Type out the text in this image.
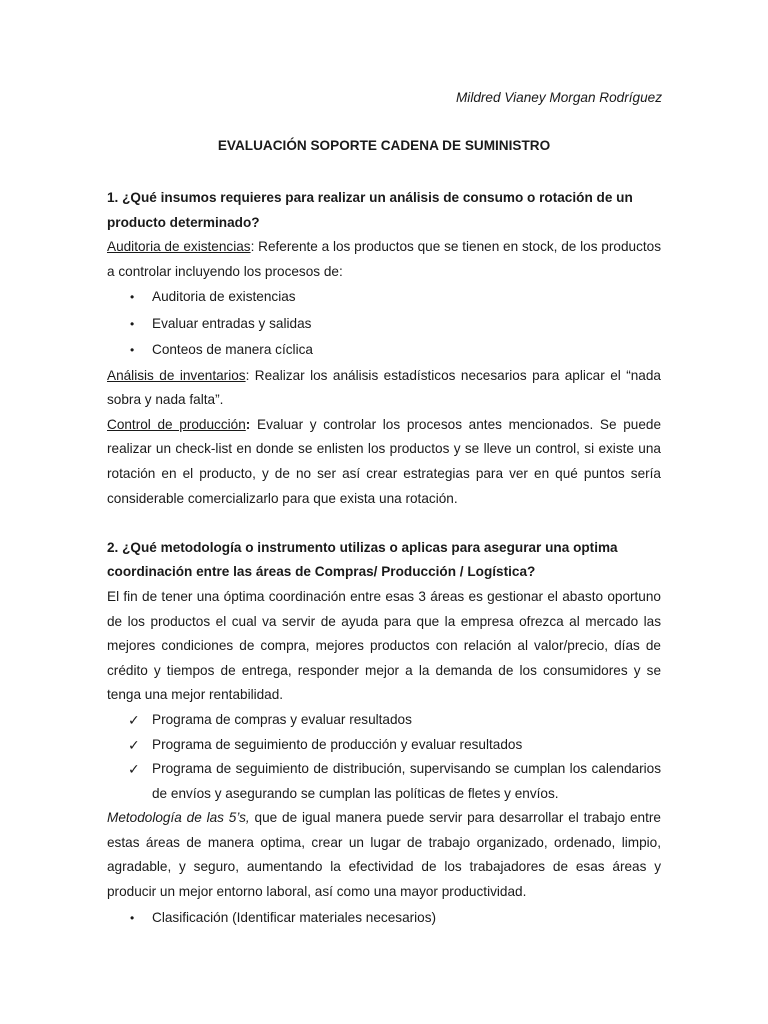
Mildred Vianey Morgan Rodríguez
EVALUACIÓN SOPORTE CADENA DE SUMINISTRO

1. ¿Qué insumos requieres para realizar un análisis de consumo o rotación de un producto determinado?

Auditoria de existencias: Referente a los productos que se tienen en stock, de los productos a controlar incluyendo los procesos de:

• Auditoria de existencias
• Evaluar entradas y salidas
• Conteos de manera cíclica

Análisis de inventarios: Realizar los análisis estadísticos necesarios para aplicar el “nada sobra y nada falta”.

Control de producción: Evaluar y controlar los procesos antes mencionados. Se puede realizar un check-list en donde se enlisten los productos y se lleve un control, si existe una rotación en el producto, y de no ser así crear estrategias para ver en qué puntos sería considerable comercializarlo para que exista una rotación.

2. ¿Qué metodología o instrumento utilizas o aplicas para asegurar una optima coordinación entre las áreas de Compras/ Producción / Logística?

El fin de tener una óptima coordinación entre esas 3 áreas es gestionar el abasto oportuno de los productos el cual va servir de ayuda para que la empresa ofrezca al mercado las mejores condiciones de compra, mejores productos con relación al valor/precio, días de crédito y tiempos de entrega, responder mejor a la demanda de los consumidores y se tenga una mejor rentabilidad.

✓ Programa de compras y evaluar resultados
✓ Programa de seguimiento de producción y evaluar resultados
✓ Programa de seguimiento de distribución, supervisando se cumplan los calendarios de envíos y asegurando se cumplan las políticas de fletes y envíos.

Metodología de las 5’s, que de igual manera puede servir para desarrollar el trabajo entre estas áreas de manera optima, crear un lugar de trabajo organizado, ordenado, limpio, agradable, y seguro, aumentando la efectividad de los trabajadores de esas áreas y producir un mejor entorno laboral, así como una mayor productividad.

• Clasificación (Identificar materiales necesarios)
